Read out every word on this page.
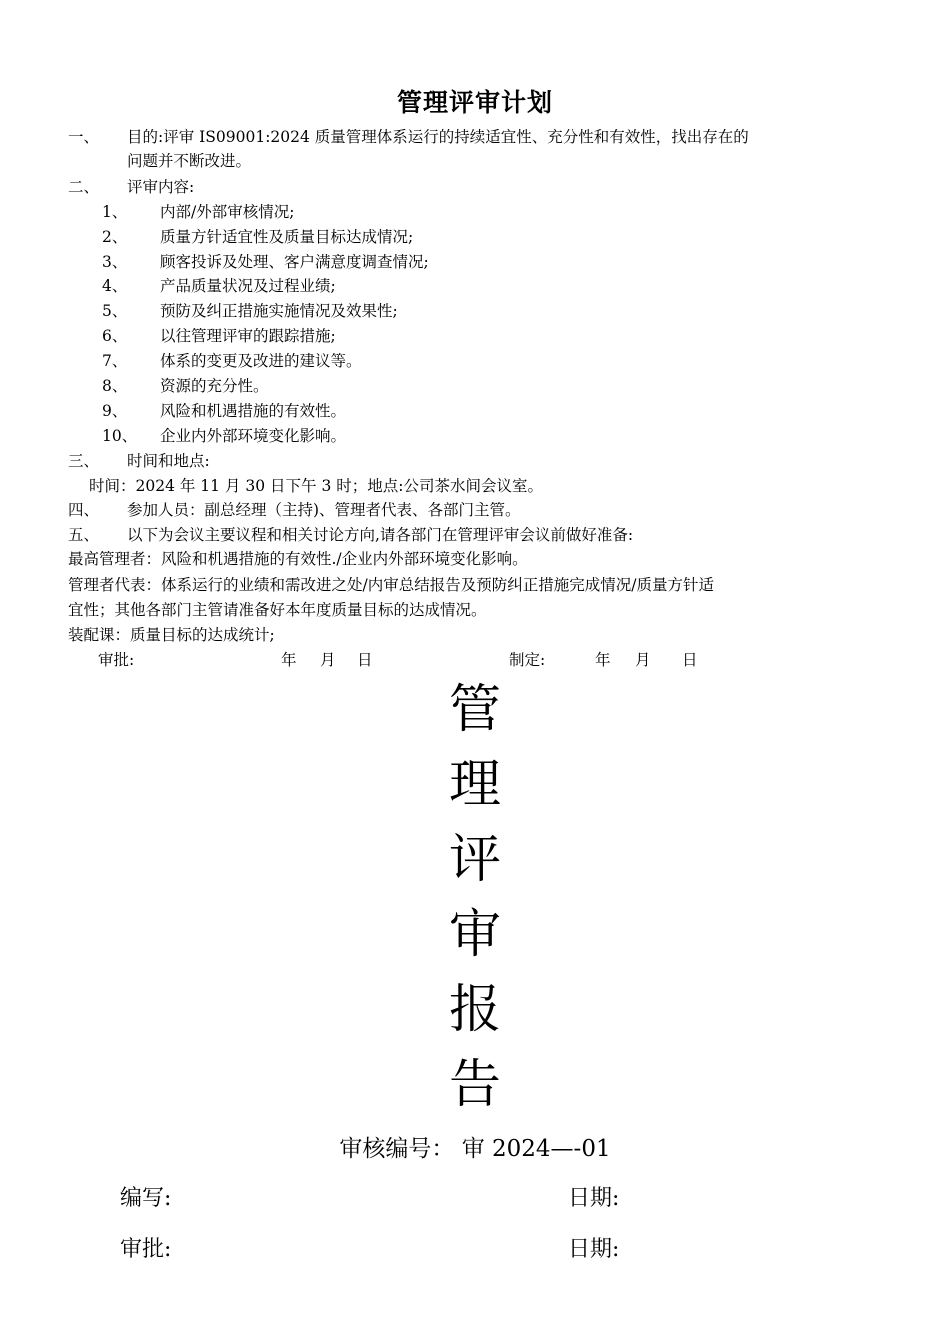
管理评审计划
一、 目的:评审 IS09001:2024 质量管理体系运行的持续适宜性、充分性和有效性，找出存在的
问题并不断改进。
二、 评审内容:
1、 内部/外部审核情况;
2、 质量方针适宜性及质量目标达成情况;
3、 顾客投诉及处理、客户满意度调查情况;
4、 产品质量状况及过程业绩;
5、 预防及纠正措施实施情况及效果性;
6、 以往管理评审的跟踪措施;
7、 体系的变更及改进的建议等。
8、 资源的充分性。
9、 风险和机遇措施的有效性。
10、 企业内外部环境变化影响。
三、 时间和地点:
时间：2024 年 11 月 30 日下午 3 时；地点:公司茶水间会议室。
四、 参加人员：副总经理（主持)、管理者代表、各部门主管。
五、 以下为会议主要议程和相关讨论方向,请各部门在管理评审会议前做好准备:
最高管理者：风险和机遇措施的有效性./企业内外部环境变化影响。
管理者代表：体系运行的业绩和需改进之处/内审总结报告及预防纠正措施完成情况/质量方针适
宜性；其他各部门主管请准备好本年度质量目标的达成情况。
装配课：质量目标的达成统计;
审批:	年 月 日	制定:	年 月 日
管
理
评
审
报
告
审核编号： 审 2024—-01
编写:	日期:
审批:	日期:
